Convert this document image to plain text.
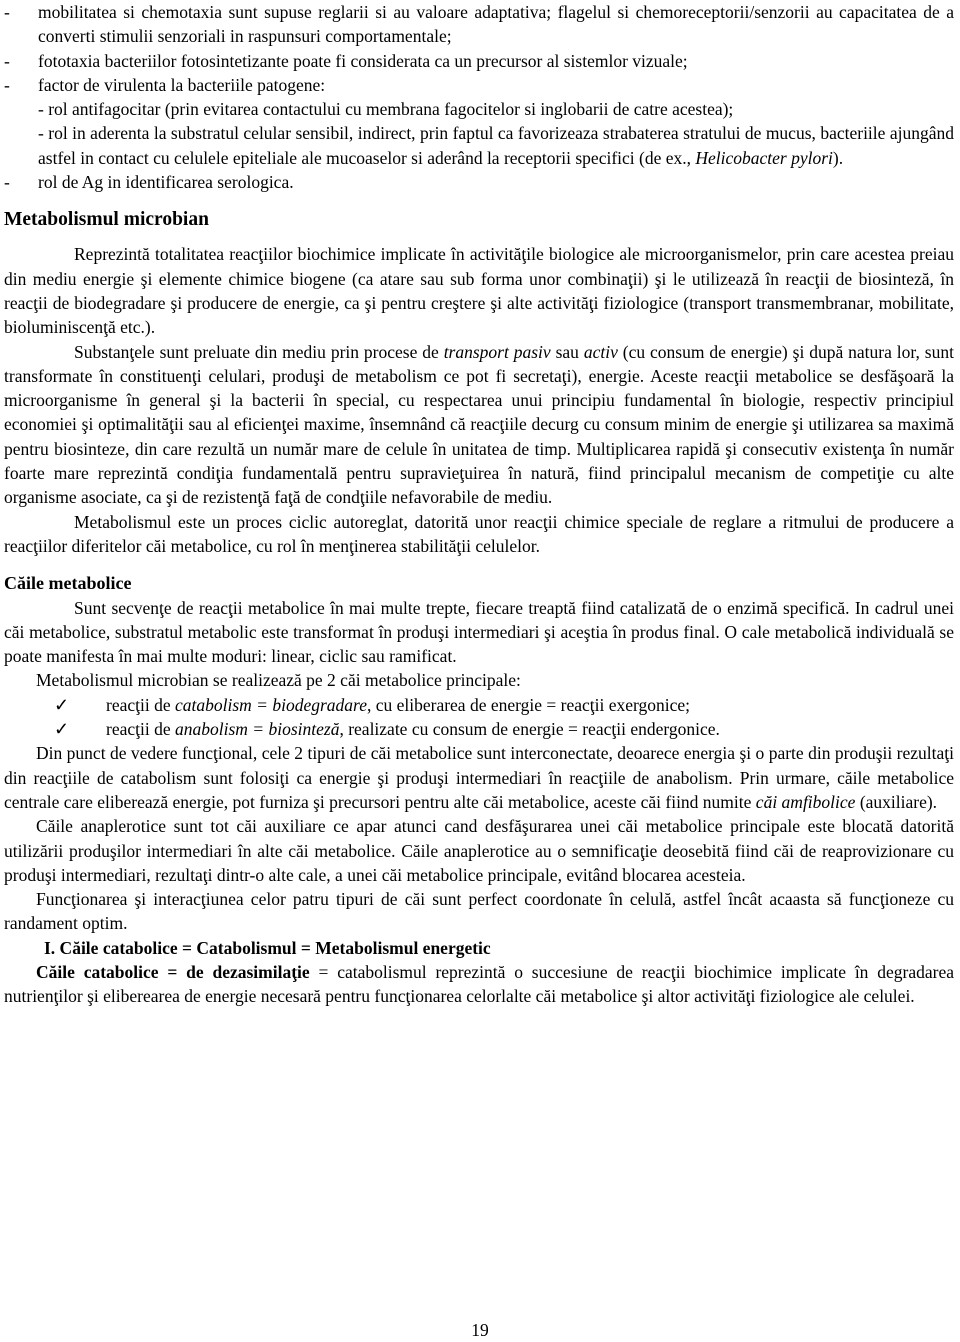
-	mobilitatea si chemotaxia sunt supuse reglarii si au valoare adaptativa; flagelul si chemoreceptorii/senzorii au capacitatea de a converti stimulii senzoriali in raspunsuri comportamentale;
-	fototaxia bacteriilor fotosintetizante poate fi considerata ca un precursor al sistemlor vizuale;
-	factor de virulenta la bacteriile patogene:

- rol antifagocitar (prin evitarea contactului cu membrana fagocitelor si inglobarii de catre acestea);

- rol in aderenta la substratul celular sensibil, indirect, prin faptul ca favorizeaza strabaterea stratului de mucus, bacteriile ajungând astfel in contact cu celulele epiteliale ale mucoaselor si aderând la receptorii specifici (de ex., Helicobacter pylori).

-	rol de Ag in identificarea serologica.
Metabolismul microbian

Reprezintă totalitatea reacţiilor biochimice implicate în activităţile biologice ale microorganismelor, prin care acestea preiau din mediu energie şi elemente chimice biogene (ca atare sau sub forma unor combinaţii) şi le utilizează în reacţii de biosinteză, în reacţii de biodegradare şi producere de energie, ca şi pentru creştere şi alte activităţi fiziologice (transport transmembranar, mobilitate, bioluminiscenţă etc.).

Substanţele sunt preluate din mediu prin procese de transport pasiv sau activ (cu consum de energie) şi după natura lor, sunt transformate în constituenţi celulari, produşi de metabolism ce pot fi secretaţi), energie. Aceste reacţii metabolice se desfăşoară la microorganisme în general şi la bacterii în special, cu respectarea unui principiu fundamental în biologie, respectiv principiul economiei şi optimalităţii sau al eficienţei maxime, însemnând că reacţiile decurg cu consum minim de energie şi utilizarea sa maximă pentru biosinteze, din care rezultă un număr mare de celule în unitatea de timp. Multiplicarea rapidă şi consecutiv existenţa în număr foarte mare reprezintă condiţia fundamentală pentru supravieţuirea în natură, fiind principalul mecanism de competiţie cu alte organisme asociate, ca şi de rezistenţă faţă de condţiile nefavorabile de mediu.

Metabolismul este un proces ciclic autoreglat, datorită unor reacţii chimice speciale de reglare a ritmului de producere a reacţiilor diferitelor căi metabolice, cu rol în menţinerea stabilităţii celulelor.

Căile metabolice

Sunt secvenţe de reacţii metabolice în mai multe trepte, fiecare treaptă fiind catalizată de o enzimă specifică. In cadrul unei căi metabolice, substratul metabolic este transformat în produşi intermediari şi aceştia în produs final. O cale metabolică individuală se poate manifesta în mai multe moduri: linear, ciclic sau ramificat.

Metabolismul microbian se realizează pe 2 căi metabolice principale:

✓	reacţii de catabolism = biodegradare, cu eliberarea de energie = reacţii exergonice;
✓	reacţii de anabolism = biosinteză, realizate cu consum de energie = reacţii endergonice.

Din punct de vedere funcţional, cele 2 tipuri de căi metabolice sunt interconectate, deoarece energia şi o parte din produşii rezultaţi din reacţiile de catabolism sunt folosiţi ca energie şi produşi intermediari în reacţiile de anabolism. Prin urmare, căile metabolice centrale care eliberează energie, pot furniza şi precursori pentru alte căi metabolice, aceste căi fiind numite căi amfibolice (auxiliare).

Căile anaplerotice sunt tot căi auxiliare ce apar atunci cand desfăşurarea unei căi metabolice principale este blocată datorită utilizării produşilor intermediari în alte căi metabolice. Căile anaplerotice au o semnificaţie deosebită fiind căi de reaprovizionare cu produşi intermediari, rezultaţi dintr-o alte cale, a unei căi metabolice principale, evitând blocarea acesteia.

Funcţionarea şi interacţiunea celor patru tipuri de căi sunt perfect coordonate în celulă, astfel încât acaasta să funcţioneze cu randament optim.

I. Căile catabolice = Catabolismul = Metabolismul energetic

Căile catabolice = de dezasimilaţie = catabolismul reprezintă o succesiune de reacţii biochimice implicate în degradarea nutrienţilor şi eliberearea de energie necesară pentru funcţionarea celorlalte căi metabolice şi altor activităţi fiziologice ale celulei.

19
